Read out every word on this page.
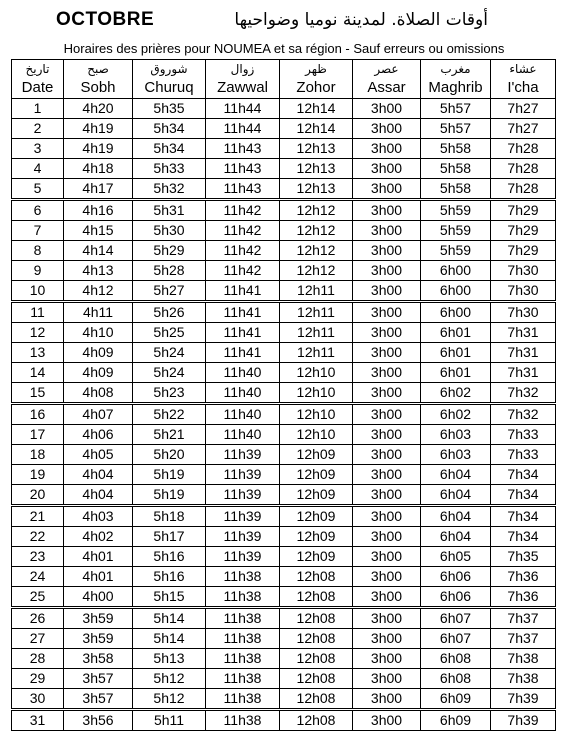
OCTOBRE	أوقات الصلاة. لمدينة نوميا وضواحيها
Horaires des prières pour NOUMEA et sa région - Sauf erreurs ou omissions
تاريخ	صبح	شوروق	زوال	ظهر	عصر	مغرب	عشاء
Date	Sobh	Churuq	Zawwal	Zohor	Assar	Maghrib	I'cha
1	4h20	5h35	11h44	12h14	3h00	5h57	7h27
2	4h19	5h34	11h44	12h14	3h00	5h57	7h27
3	4h19	5h34	11h43	12h13	3h00	5h58	7h28
4	4h18	5h33	11h43	12h13	3h00	5h58	7h28
5	4h17	5h32	11h43	12h13	3h00	5h58	7h28
6	4h16	5h31	11h42	12h12	3h00	5h59	7h29
7	4h15	5h30	11h42	12h12	3h00	5h59	7h29
8	4h14	5h29	11h42	12h12	3h00	5h59	7h29
9	4h13	5h28	11h42	12h12	3h00	6h00	7h30
10	4h12	5h27	11h41	12h11	3h00	6h00	7h30
11	4h11	5h26	11h41	12h11	3h00	6h00	7h30
12	4h10	5h25	11h41	12h11	3h00	6h01	7h31
13	4h09	5h24	11h41	12h11	3h00	6h01	7h31
14	4h09	5h24	11h40	12h10	3h00	6h01	7h31
15	4h08	5h23	11h40	12h10	3h00	6h02	7h32
16	4h07	5h22	11h40	12h10	3h00	6h02	7h32
17	4h06	5h21	11h40	12h10	3h00	6h03	7h33
18	4h05	5h20	11h39	12h09	3h00	6h03	7h33
19	4h04	5h19	11h39	12h09	3h00	6h04	7h34
20	4h04	5h19	11h39	12h09	3h00	6h04	7h34
21	4h03	5h18	11h39	12h09	3h00	6h04	7h34
22	4h02	5h17	11h39	12h09	3h00	6h04	7h34
23	4h01	5h16	11h39	12h09	3h00	6h05	7h35
24	4h01	5h16	11h38	12h08	3h00	6h06	7h36
25	4h00	5h15	11h38	12h08	3h00	6h06	7h36
26	3h59	5h14	11h38	12h08	3h00	6h07	7h37
27	3h59	5h14	11h38	12h08	3h00	6h07	7h37
28	3h58	5h13	11h38	12h08	3h00	6h08	7h38
29	3h57	5h12	11h38	12h08	3h00	6h08	7h38
30	3h57	5h12	11h38	12h08	3h00	6h09	7h39
31	3h56	5h11	11h38	12h08	3h00	6h09	7h39
